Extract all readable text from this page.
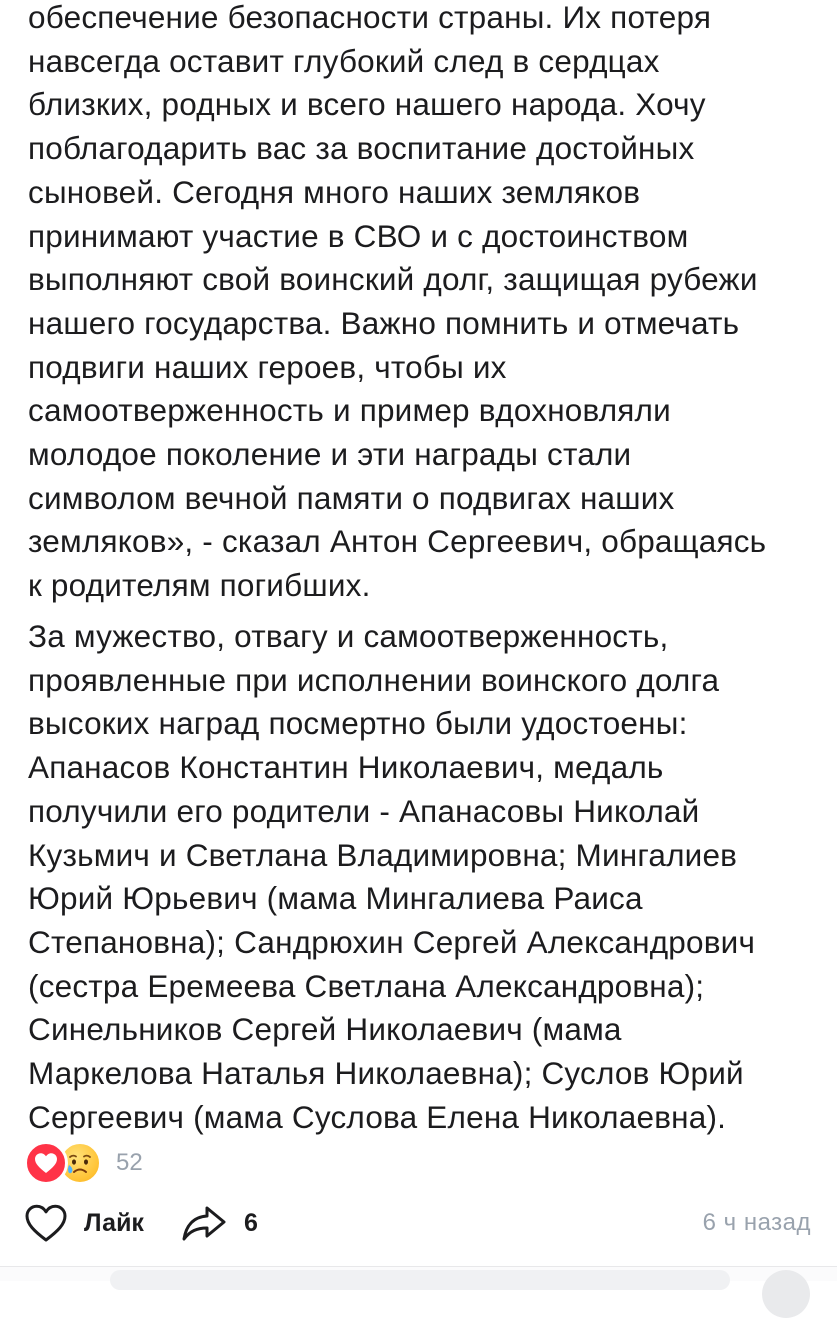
обеспечение безопасности страны. Их потеря
навсегда оставит глубокий след в сердцах
близких, родных и всего нашего народа. Хочу
поблагодарить вас за воспитание достойных
сыновей. Сегодня много наших земляков
принимают участие в СВО и с достоинством
выполняют свой воинский долг, защищая рубежи
нашего государства. Важно помнить и отмечать
подвиги наших героев, чтобы их
самоотверженность и пример вдохновляли
молодое поколение и эти награды стали
символом вечной памяти о подвигах наших
земляков», - сказал Антон Сергеевич, обращаясь
к родителям погибших.

За мужество, отвагу и самоотверженность,
проявленные при исполнении воинского долга
высоких наград посмертно были удостоены:
Апанасов Константин Николаевич, медаль
получили его родители - Апанасовы Николай
Кузьмич и Светлана Владимировна; Мингалиев
Юрий Юрьевич (мама Мингалиева Раиса
Степановна); Сандрюхин Сергей Александрович
(сестра Еремеева Светлана Александровна);
Синельников Сергей Николаевич (мама
Маркелова Наталья Николаевна); Суслов Юрий
Сергеевич (мама Суслова Елена Николаевна).

52
Лайк	6	6 ч назад
